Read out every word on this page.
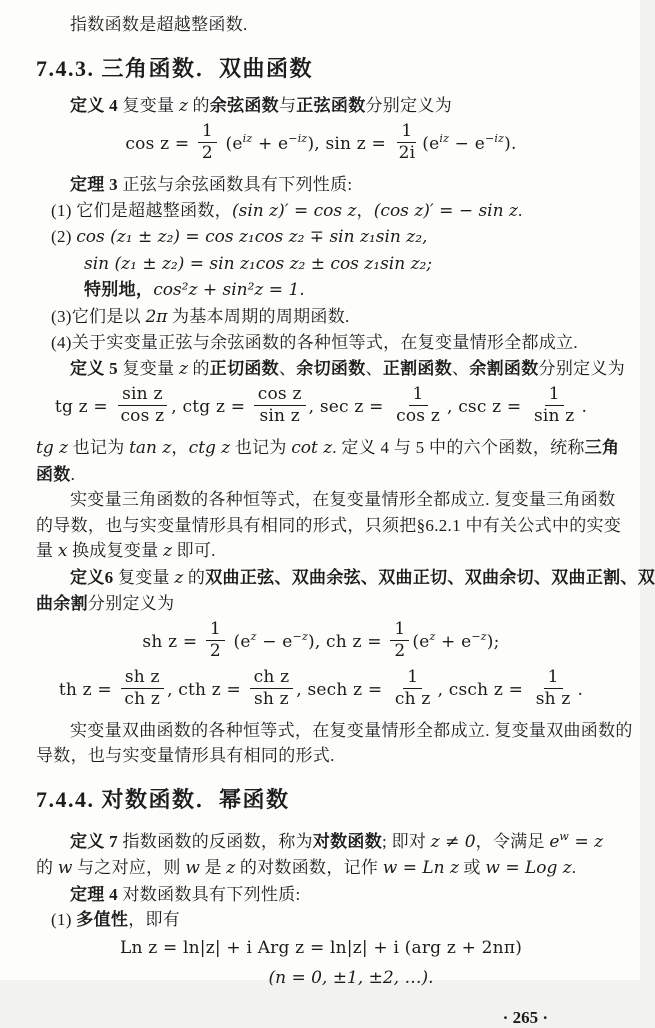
指数函数是超越整函数.

7.4.3. 三角函数．双曲函数

定义 4 复变量 z 的余弦函数与正弦函数分别定义为

$\cos z = \frac{1}{2} (e^{iz} + e^{-iz})$, $\sin z = \frac{1}{2i} (e^{iz} - e^{-iz})$.

定理 3 正弦与余弦函数具有下列性质:

(1) 它们是超越整函数，(sin z)′ = cos z，(cos z)′ = − sin z.

(2) cos (z₁ ± z₂) = cos z₁cos z₂ ∓ sin z₁sin z₂,

sin (z₁ ± z₂) = sin z₁cos z₂ ± cos z₁sin z₂;

特别地，cos²z + sin²z = 1.

(3)它们是以 2π 为基本周期的周期函数.

(4)关于实变量正弦与余弦函数的各种恒等式，在复变量情形全都成立.

定义 5 复变量 z 的正切函数、余切函数、正割函数、余割函数分别定义为

tg $z = \frac{\text{sin z}}{\text{cos z}}$ , ctg $z = \frac{\text{cos z}}{\text{sin z}}$ , $\sec z = \frac{1}{\text{cos z}}$ , $\csc z = \frac{1}{\text{sin z}}$ .

tg z 也记为 tan z，ctg z 也记为 cot z. 定义 4 与 5 中的六个函数，统称三角

函数.

实变量三角函数的各种恒等式，在复变量情形全都成立. 复变量三角函数

的导数，也与实变量情形具有相同的形式，只须把§6.2.1 中有关公式中的实变

量 x 换成复变量 z 即可.

定义6 复变量 z 的双曲正弦、双曲余弦、双曲正切、双曲余切、双曲正割、双

曲余割分别定义为

sh $z = \frac{1}{2} (e^z - e^{-z})$, ch $z = \frac{1}{2} (e^z + e^{-z})$;
th $z = \frac{\text{sh z}}{\text{ch z}}$ , cth $z = \frac{\text{ch z}}{\text{sh z}}$ , sech $z = \frac{1}{\text{ch z}}$ , csch $z = \frac{1}{\text{sh z}}$ .

实变量双曲函数的各种恒等式，在复变量情形全都成立. 复变量双曲函数的

导数，也与实变量情形具有相同的形式.

7.4.4. 对数函数．幂函数

定义 7 指数函数的反函数，称为对数函数; 即对 z ≠ 0，令满足 $e^w = z$

的 w 与之对应，则 w 是 z 的对数函数，记作 w = Ln z 或 w = Log z.

定理 4 对数函数具有下列性质:

(1) 多值性，即有

Ln z = ln|z| + i Arg z = ln|z| + i (arg z + 2nπ)

(n = 0, ±1, ±2, …).

· 265 ·
